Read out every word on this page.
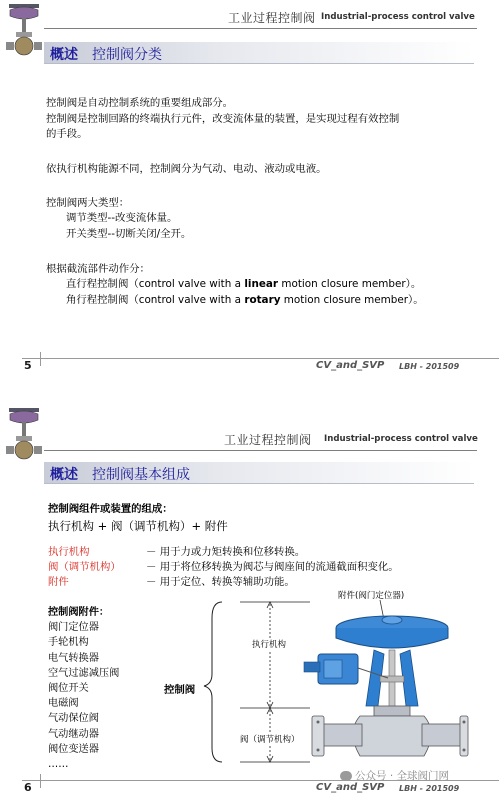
工业过程控制阀 Industrial-process control valve
概述 控制阀分类
控制阀是自动控制系统的重要组成部分。
控制阀是控制回路的终端执行元件，改变流体量的装置，是实现过程有效控制
的手段。
依执行机构能源不同，控制阀分为气动、电动、液动或电液。
控制阀两大类型：
调节类型--改变流体量。
开关类型--切断关闭/全开。
根据截流部件动作分：
直行程控制阀（control valve with a linear motion closure member）。
角行程控制阀（control valve with a rotary motion closure member）。
5	CV_and_SVP LBH - 201509
工业过程控制阀 Industrial-process control valve
概述 控制阀基本组成
控制阀组件或装置的组成：
执行机构 + 阀（调节机构）+ 附件
执行机构	－ 用于力或力矩转换和位移转换。
阀（调节机构） － 用于将位移转换为阀芯与阀座间的流通截面积变化。
附件	－ 用于定位、转换等辅助功能。
控制阀附件：
阀门定位器
手轮机构
电气转换器
空气过滤减压阀
阀位开关
电磁阀
气动保位阀
气动继动器
阀位变送器
……
控制阀
执行机构
阀（调节机构）
附件(阀门定位器)
6	CV_and_SVP LBH - 201509
公众号 · 全球阀门网
